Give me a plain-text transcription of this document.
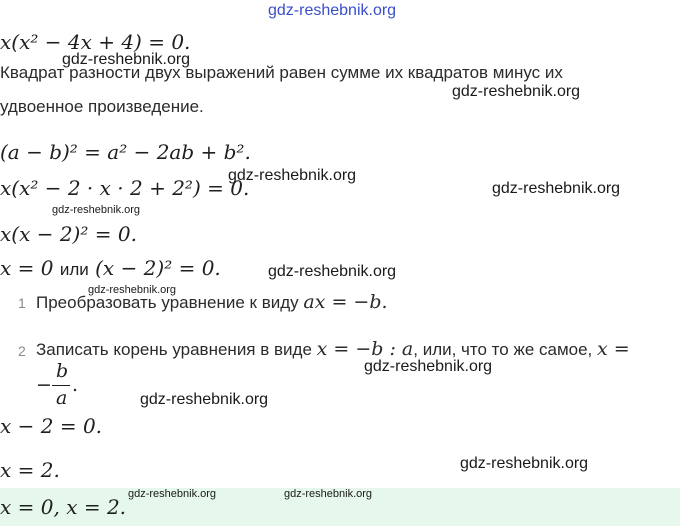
gdz-reshebnik.org
gdz-reshebnik.org
gdz-reshebnik.org
gdz-reshebnik.org
gdz-reshebnik.org
gdz-reshebnik.org
gdz-reshebnik.org
gdz-reshebnik.org
gdz-reshebnik.org
gdz-reshebnik.org
gdz-reshebnik.org
gdz-reshebnik.org	gdz-reshebnik.org
x(x² − 4x + 4) = 0.
Квадрат разности двух выражений равен сумме их квадратов минус их
удвоенное произведение.
(a − b)² = a² − 2ab + b².
x(x² − 2 · x · 2 + 2²) = 0.
x(x − 2)² = 0.
x = 0 или (x − 2)² = 0.
1 Преобразовать уравнение к виду ax = −b.
2 Записать корень уравнения в виде x = −b : a, или, что то же самое, x =
−
b
a
.
x − 2 = 0.
x = 2.
x = 0, x = 2.
